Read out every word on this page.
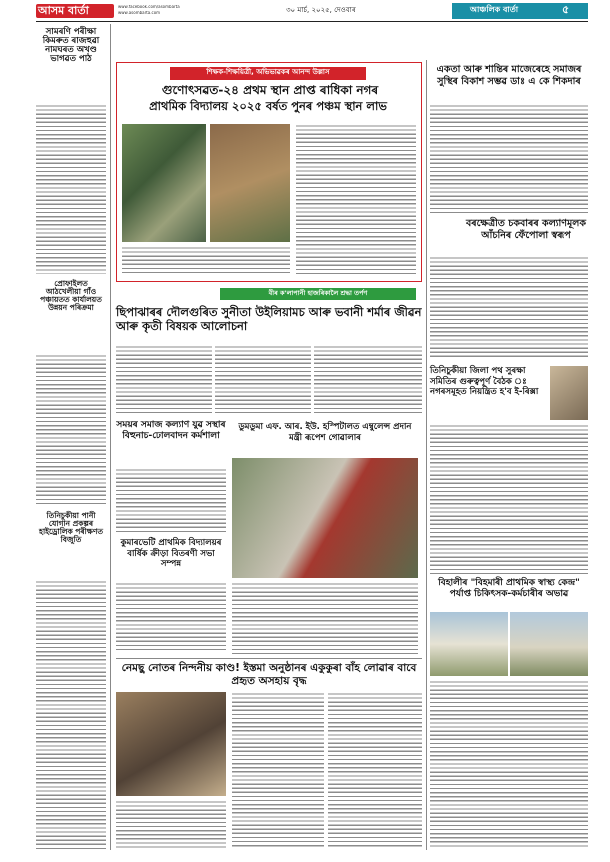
আসম বার্তা	www.facebook.com/asombarta
www.asombarta.com	৩০ মাৰ্চ, ২০২৫, দেওবাৰ	আঞ্চলিক বাৰ্তা	৫
সামৰণি পৰীক্ষা কিমৰুত ৰাজহুৱা নামঘৰত অখণ্ড ভাগৱত পাঠ
প্ৰোফাইলত আঠখেলীয়া গাঁও পঞ্চায়তত কাৰ্যালয়ত উন্নয়ন পৰিক্ৰমা
তিনিচুকীয়া পানী যোগান প্ৰকল্পৰ হাইড্ৰোলিক পৰীক্ষণত বিজুতি
শিক্ষক-শিক্ষয়িত্ৰী, অভিভাৱকৰ আনন্দ উল্লাস
গুণোৎসৱত-২৪ প্ৰথম স্থান প্ৰাপ্ত ৰাধিকা নগৰ
প্ৰাথমিক বিদ্যালয় ২০২৫ বৰ্ষত পুনৰ পঞ্চম স্থান লাভ
বীৰ ক'লাপানী হাজৰিকালৈ শ্ৰদ্ধা তৰ্পণ
ছিপাঝাৰৰ দৌলগুৰিত সুনীতা উইলিয়ামচ আৰু ভবানী শৰ্মাৰ জীৱন আৰু কৃতী বিষয়ক আলোচনা
সময়ৰ সমাজ কল্যাণ যুৱ সস্থাৰ বিহুনাচ-ঢোলবাদন কৰ্মশালা
ডুমডুমা এফ. আৰ. ইউ. হস্পিটালত এম্বুলেন্স প্ৰদান মন্ত্ৰী ৰূপেশ গোৱালাৰ
কুমাৰভেটি প্ৰাথমিক বিদ্যালয়ৰ বাৰ্ষিক ক্ৰীড়া বিতৰণী সভা সম্পন্ন
নেমছু নোতৰ নিন্দনীয় কাণ্ড! ইস্তমা অনুষ্ঠানৰ একুকুৰা বাঁহ লোৱাৰ বাবে প্ৰহৃত অসহায় বৃদ্ধ
একতা আৰু শান্তিৰ মাজেৰেহে সমাজৰ সুস্থিৰ বিকাশ সম্ভৱ ডাঃ এ কে শিকদাৰ
বৰক্ষেত্ৰীত চকবাৰৰ কল্যাণমূলক আঁচনিৰ ফেঁপোলা স্বৰূপ
তিনিচুকীয়া জিলা পথ সুৰক্ষা সমিতিৰ গুৰুত্বপূৰ্ণ বৈঠক ঃ নগৰসমূহত নিয়ন্ত্ৰিত হ'ব ই-ৰিক্সা
বিহালীৰ "বিহমাৰী প্ৰাথমিক স্বাস্থ্য কেন্দ্ৰ" পৰ্যাপ্ত চিকিৎসক-কৰ্মচাৰীৰ অভাৱ
